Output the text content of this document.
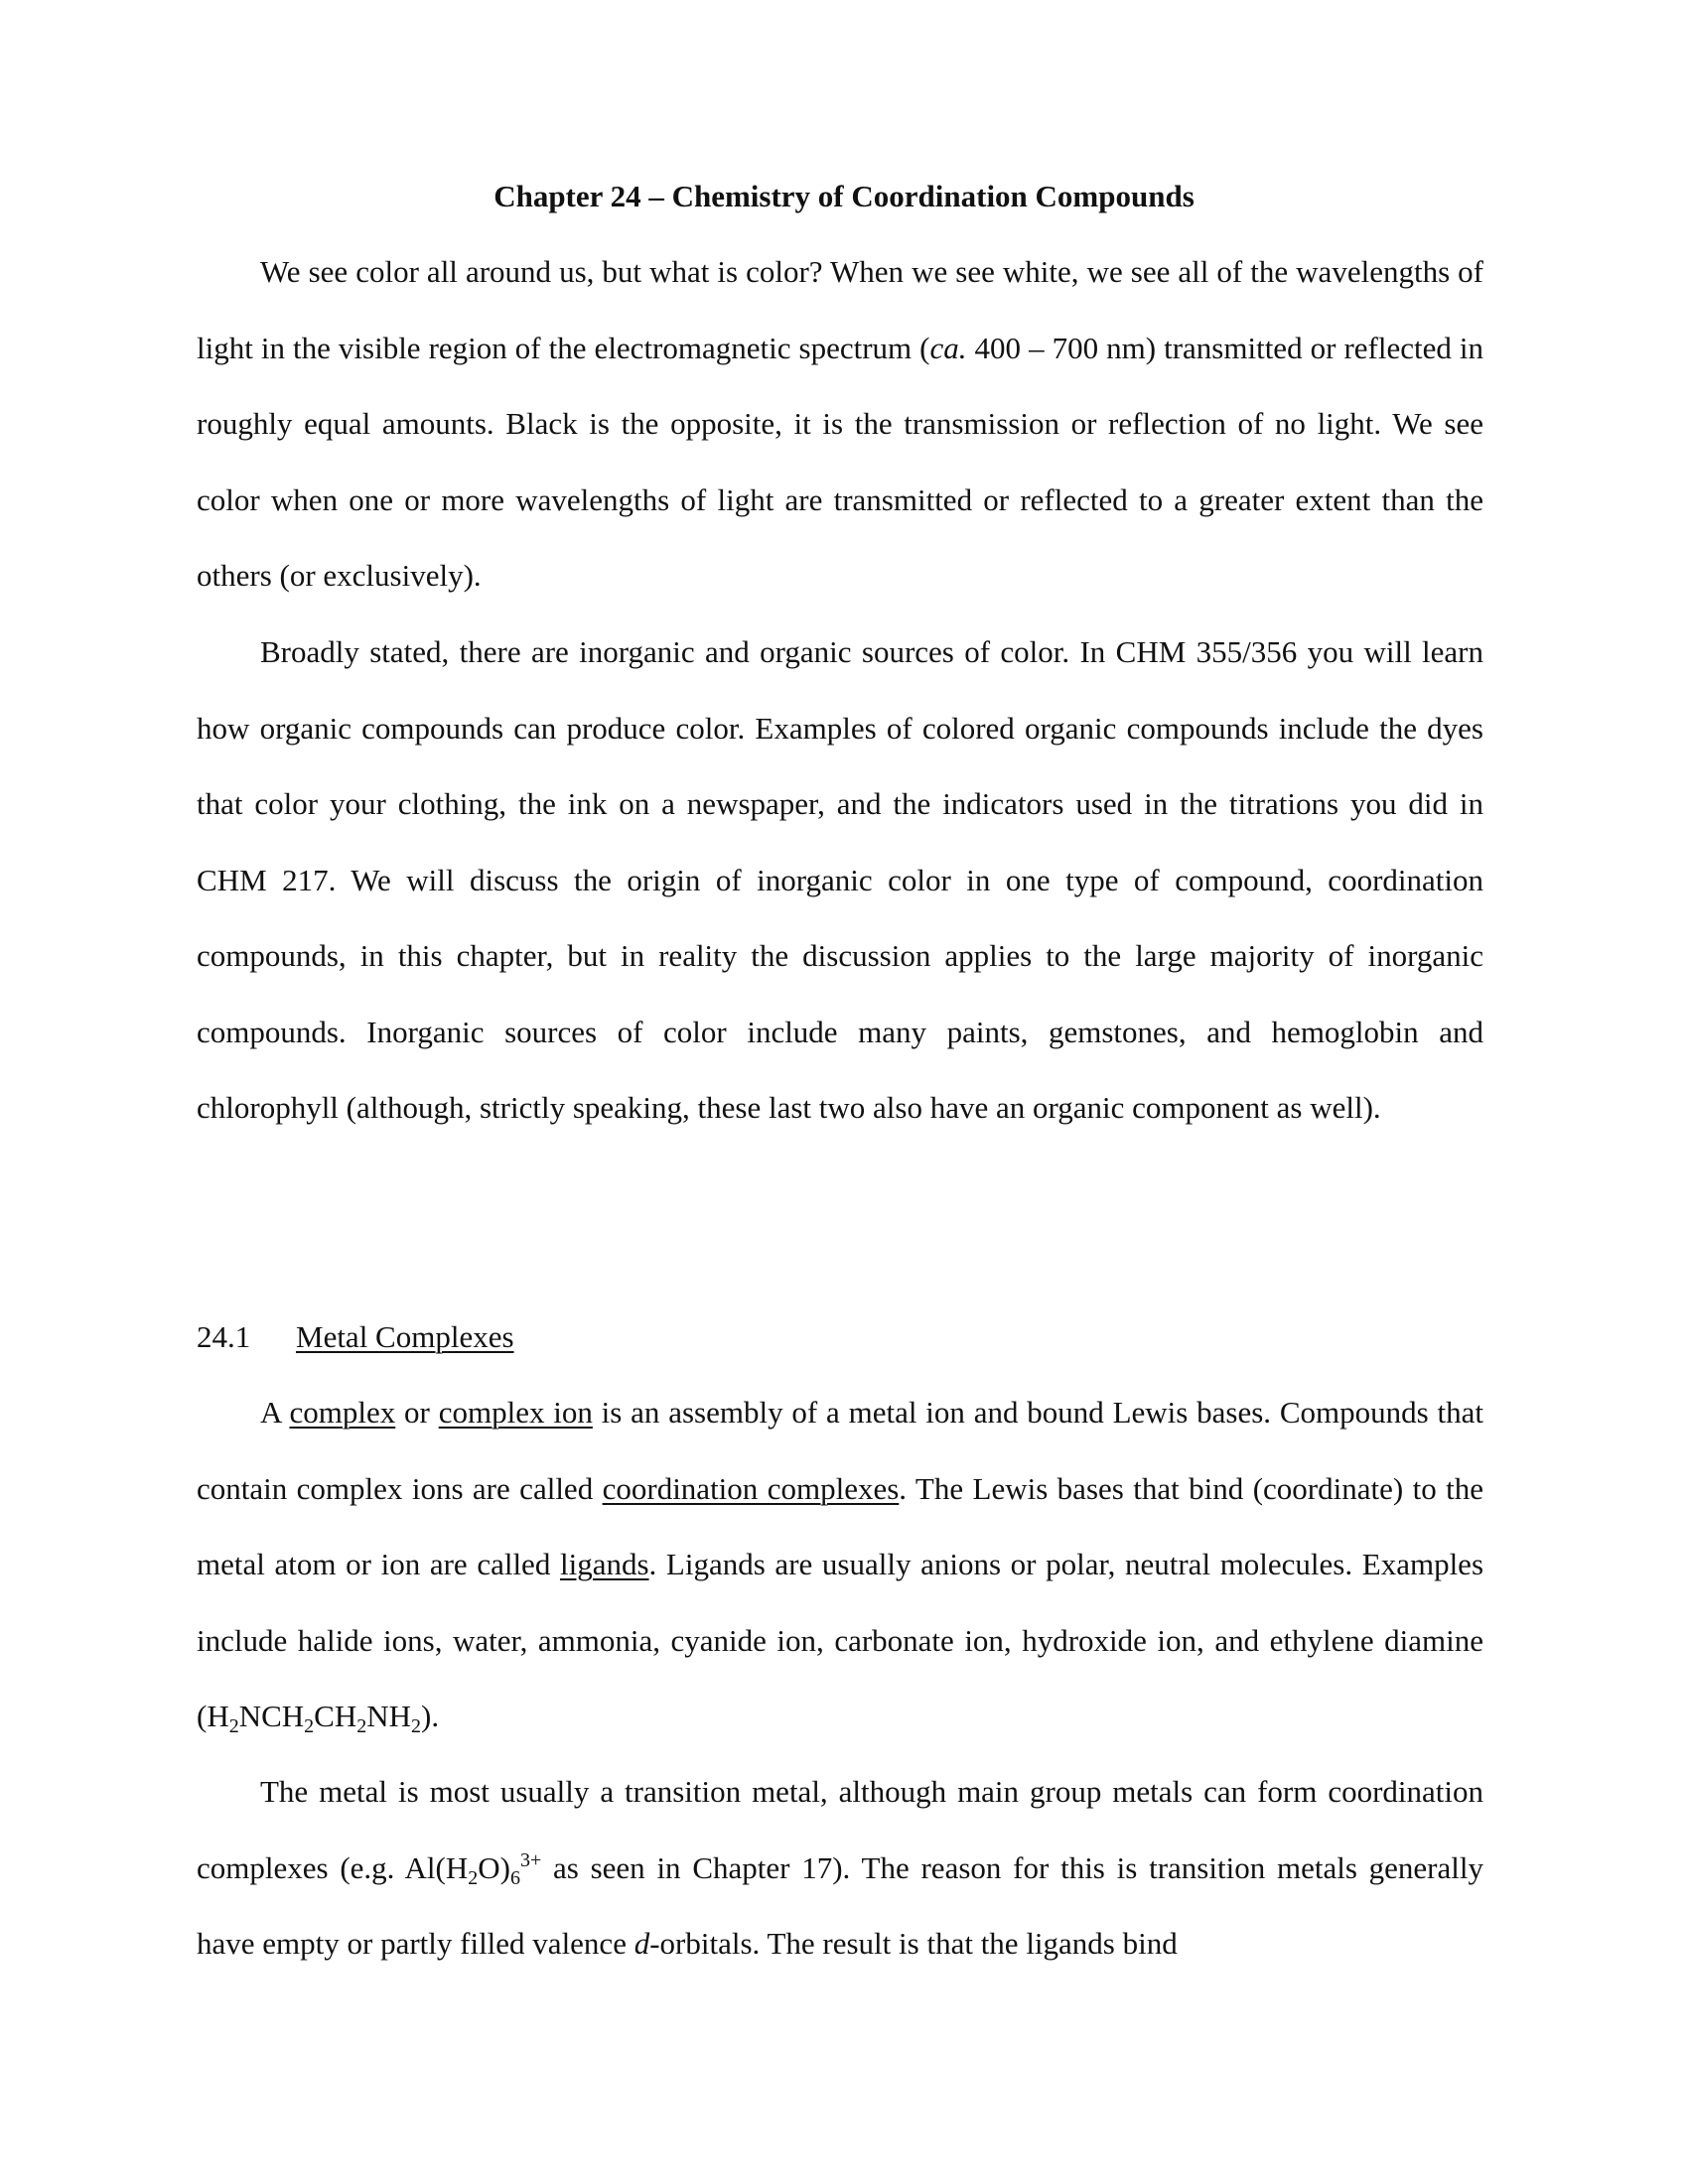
Chapter 24 – Chemistry of Coordination Compounds

We see color all around us, but what is color? When we see white, we see all of the wavelengths of light in the visible region of the electromagnetic spectrum (ca. 400 – 700 nm) transmitted or reflected in roughly equal amounts. Black is the opposite, it is the transmission or reflection of no light. We see color when one or more wavelengths of light are transmitted or reflected to a greater extent than the others (or exclusively).

Broadly stated, there are inorganic and organic sources of color. In CHM 355/356 you will learn how organic compounds can produce color. Examples of colored organic compounds include the dyes that color your clothing, the ink on a newspaper, and the indicators used in the titrations you did in CHM 217. We will discuss the origin of inorganic color in one type of compound, coordination compounds, in this chapter, but in reality the discussion applies to the large majority of inorganic compounds. Inorganic sources of color include many paints, gemstones, and hemoglobin and chlorophyll (although, strictly speaking, these last two also have an organic component as well).

24.1 Metal Complexes

A complex or complex ion is an assembly of a metal ion and bound Lewis bases. Compounds that contain complex ions are called coordination complexes. The Lewis bases that bind (coordinate) to the metal atom or ion are called ligands. Ligands are usually anions or polar, neutral molecules. Examples include halide ions, water, ammonia, cyanide ion, carbonate ion, hydroxide ion, and ethylene diamine $(H_2NCH_2CH_2NH_2)$.

The metal is most usually a transition metal, although main group metals can form coordination complexes (e.g. $Al(H_2O)_6^{3+}$ as seen in Chapter 17). The reason for this is transition metals generally have empty or partly filled valence d-orbitals. The result is that the ligands bind
